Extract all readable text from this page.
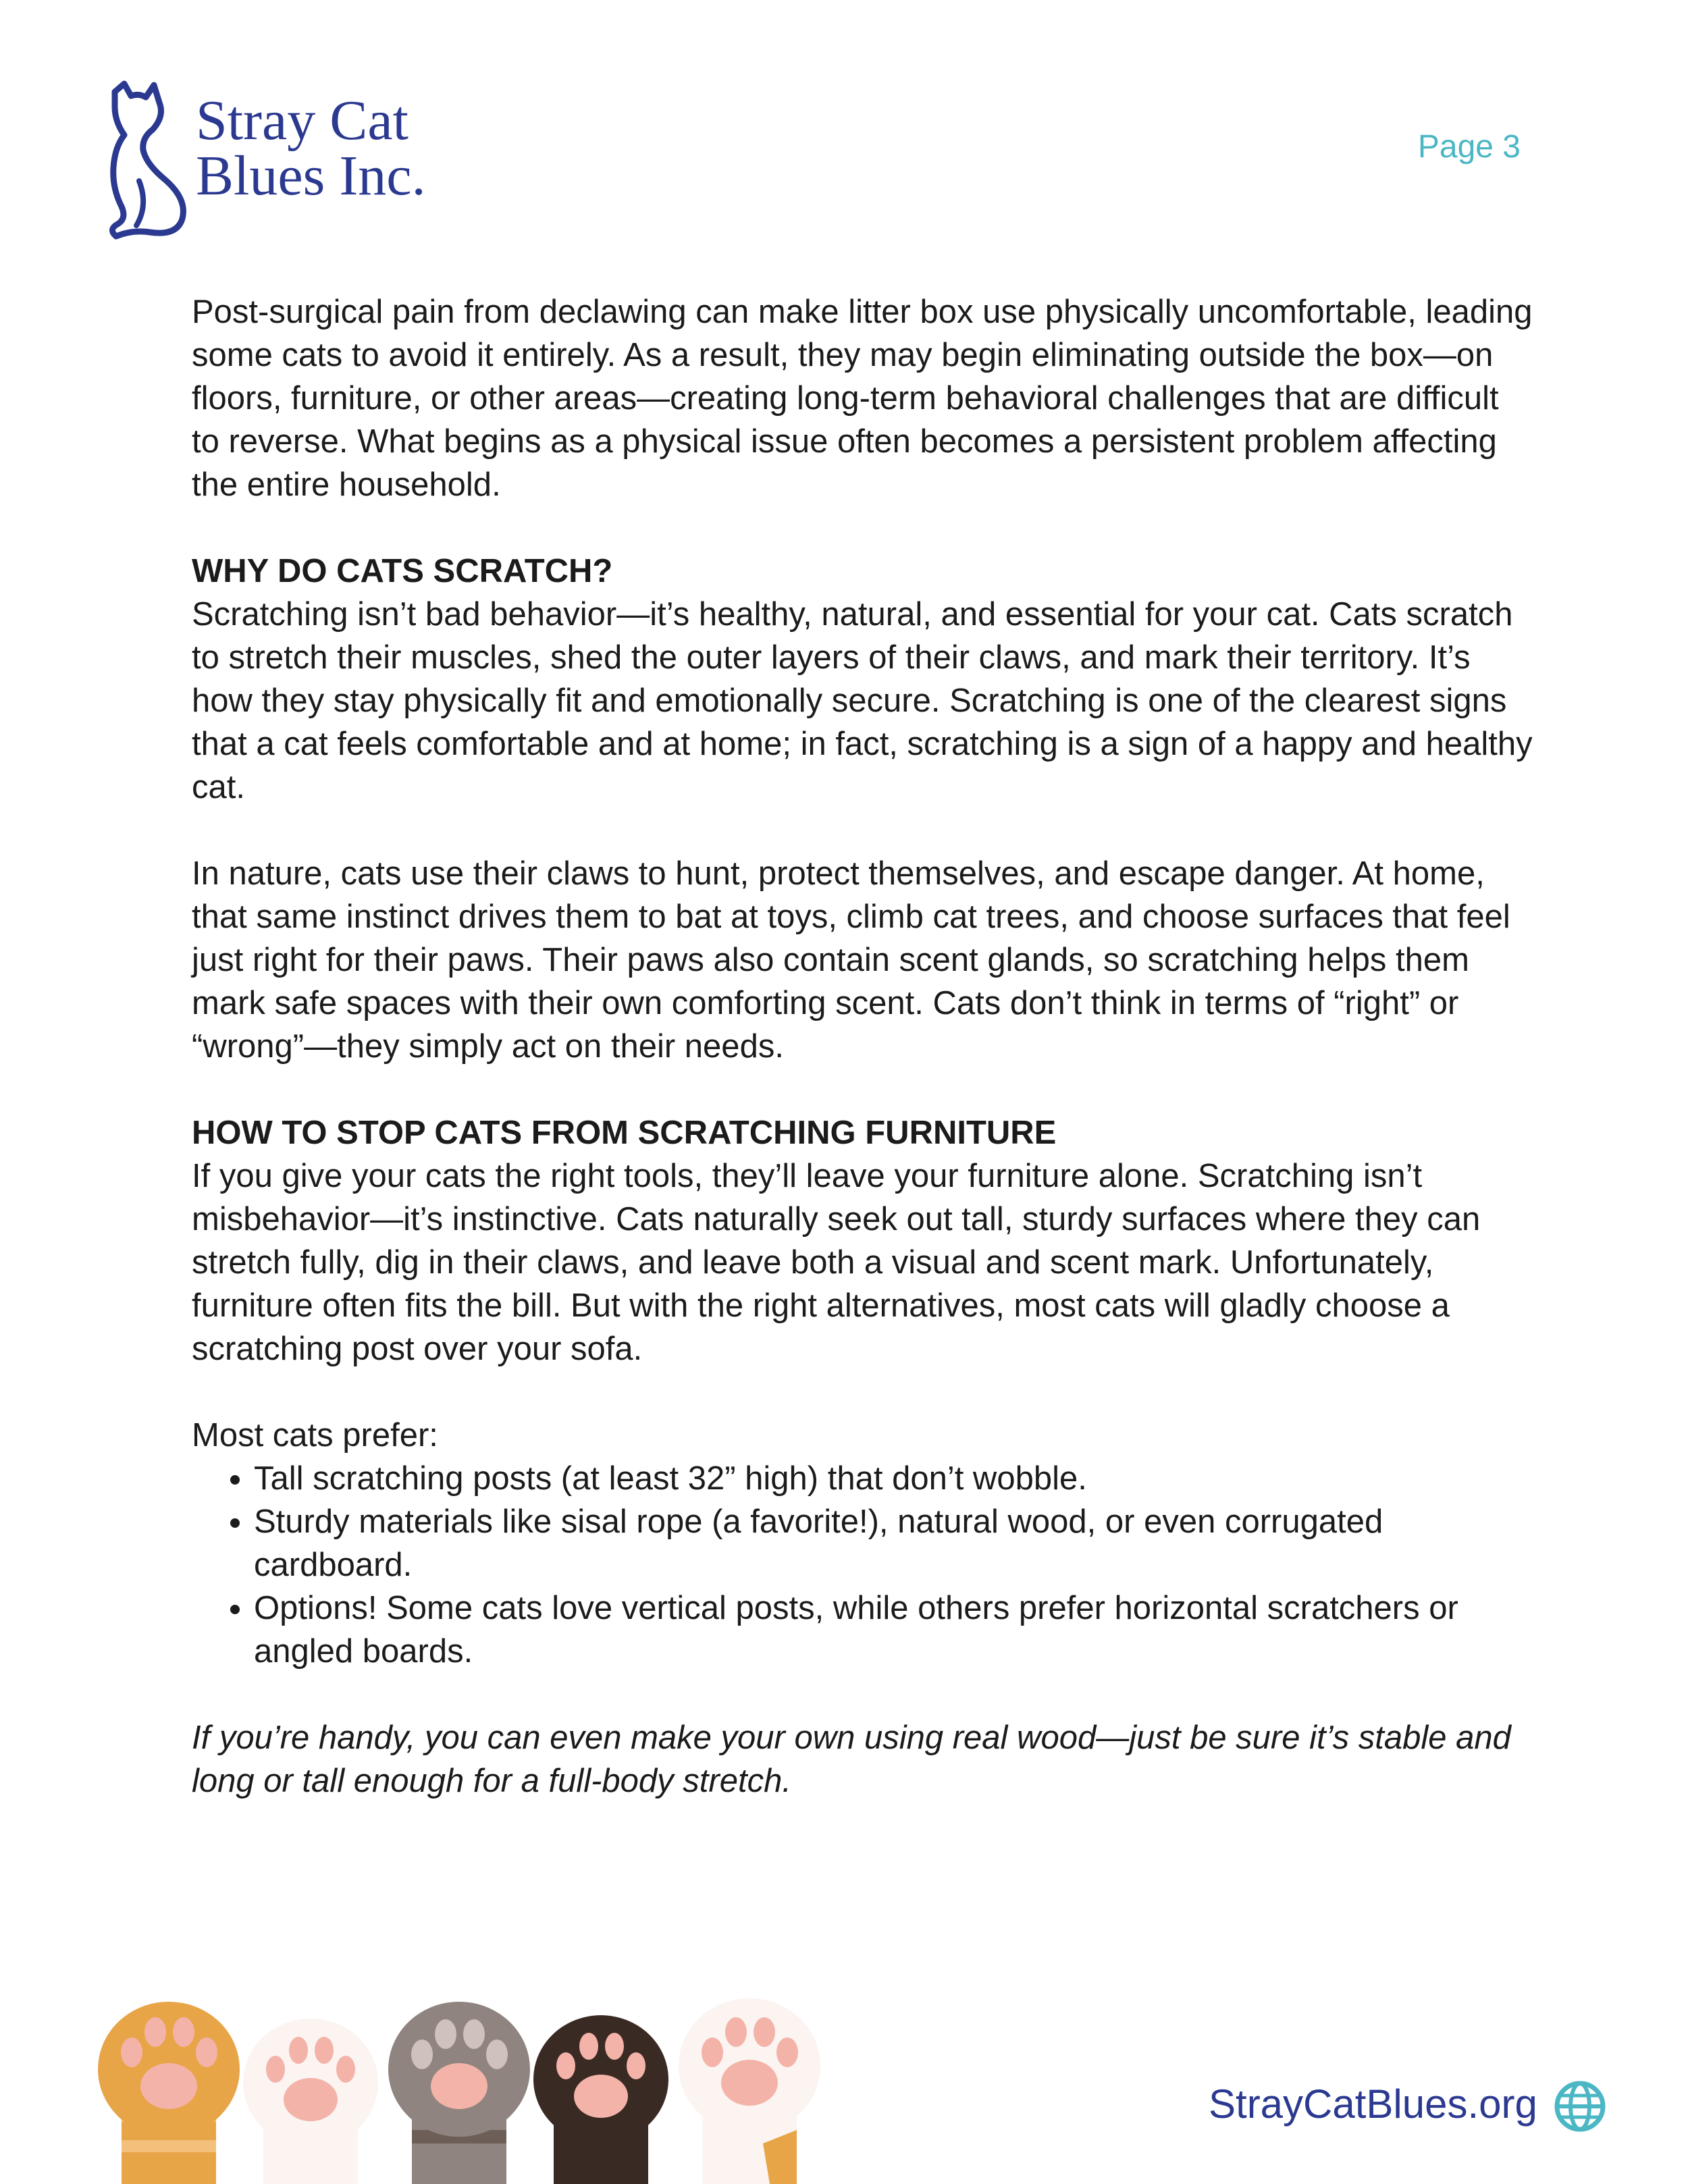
Stray Cat
Blues Inc.	Page 3

Post-surgical pain from declawing can make litter box use physically uncomfortable, leading some cats to avoid it entirely. As a result, they may begin eliminating outside the box—on floors, furniture, or other areas—creating long-term behavioral challenges that are difficult to reverse. What begins as a physical issue often becomes a persistent problem affecting the entire household.

WHY DO CATS SCRATCH?

Scratching isn’t bad behavior—it’s healthy, natural, and essential for your cat. Cats scratch to stretch their muscles, shed the outer layers of their claws, and mark their territory. It’s how they stay physically fit and emotionally secure. Scratching is one of the clearest signs that a cat feels comfortable and at home; in fact, scratching is a sign of a happy and healthy cat.

In nature, cats use their claws to hunt, protect themselves, and escape danger. At home, that same instinct drives them to bat at toys, climb cat trees, and choose surfaces that feel just right for their paws. Their paws also contain scent glands, so scratching helps them mark safe spaces with their own comforting scent. Cats don’t think in terms of “right” or “wrong”—they simply act on their needs.

HOW TO STOP CATS FROM SCRATCHING FURNITURE

If you give your cats the right tools, they’ll leave your furniture alone. Scratching isn’t misbehavior—it’s instinctive. Cats naturally seek out tall, sturdy surfaces where they can stretch fully, dig in their claws, and leave both a visual and scent mark. Unfortunately, furniture often fits the bill. But with the right alternatives, most cats will gladly choose a scratching post over your sofa.

Most cats prefer:

• Tall scratching posts (at least 32” high) that don’t wobble.
• Sturdy materials like sisal rope (a favorite!), natural wood, or even corrugated cardboard.
• Options! Some cats love vertical posts, while others prefer horizontal scratchers or angled boards.

If you’re handy, you can even make your own using real wood—just be sure it’s stable and long or tall enough for a full-body stretch.

StrayCatBlues.org
